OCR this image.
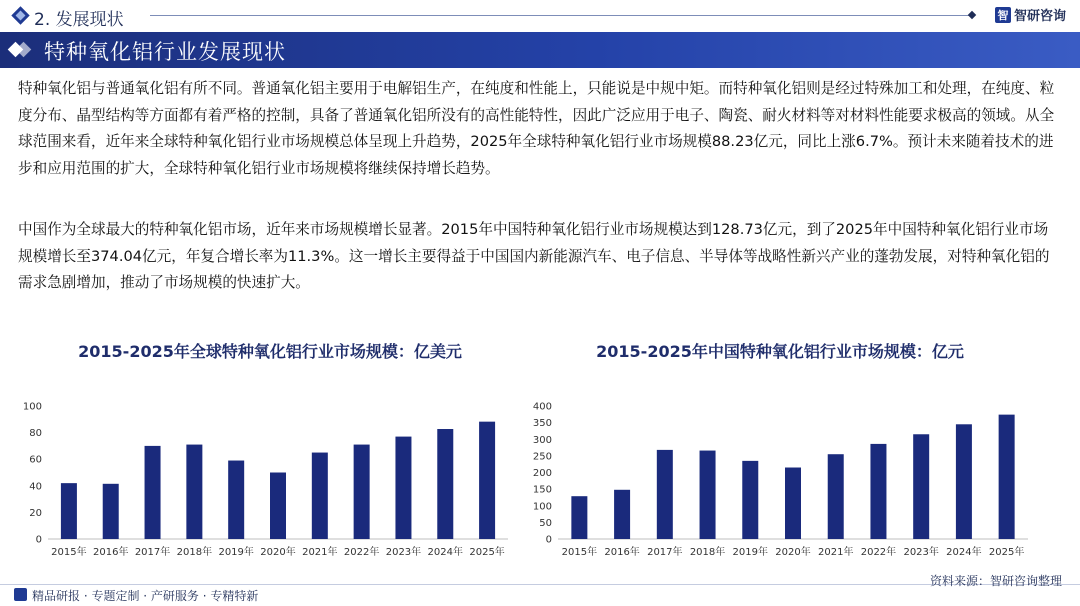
2. 发展现状	智 智研咨询
特种氧化铝行业发展现状

特种氧化铝与普通氧化铝有所不同。普通氧化铝主要用于电解铝生产，在纯度和性能上，只能说是中规中矩。而特种氧化铝则是经过特殊加工和处理，在纯度、粒度分布、晶型结构等方面都有着严格的控制，具备了普通氧化铝所没有的高性能特性，因此广泛应用于电子、陶瓷、耐火材料等对材料性能要求极高的领域。从全球范围来看，近年来全球特种氧化铝行业市场规模总体呈现上升趋势，2025年全球特种氧化铝行业市场规模88.23亿元，同比上涨6.7%。预计未来随着技术的进步和应用范围的扩大，全球特种氧化铝行业市场规模将继续保持增长趋势。

中国作为全球最大的特种氧化铝市场，近年来市场规模增长显著。2015年中国特种氧化铝行业市场规模达到128.73亿元，到了2025年中国特种氧化铝行业市场规模增长至374.04亿元，年复合增长率为11.3%。这一增长主要得益于中国国内新能源汽车、电子信息、半导体等战略性新兴产业的蓬勃发展，对特种氧化铝的需求急剧增加，推动了市场规模的快速扩大。

2015-2025年全球特种氧化铝行业市场规模：亿美元	2015-2025年中国特种氧化铝行业市场规模：亿元
0
20
40
60
80
100
2015年 2016年 2017年 2018年 2019年 2020年 2021年 2022年 2023年 2024年 2025年
0
50
100
150
200
250
300
350
400
2015年 2016年 2017年 2018年 2019年 2020年 2021年 2022年 2023年 2024年 2025年
精品研报 · 专题定制 · 产研服务 · 专精特新
资料来源：智研咨询整理
